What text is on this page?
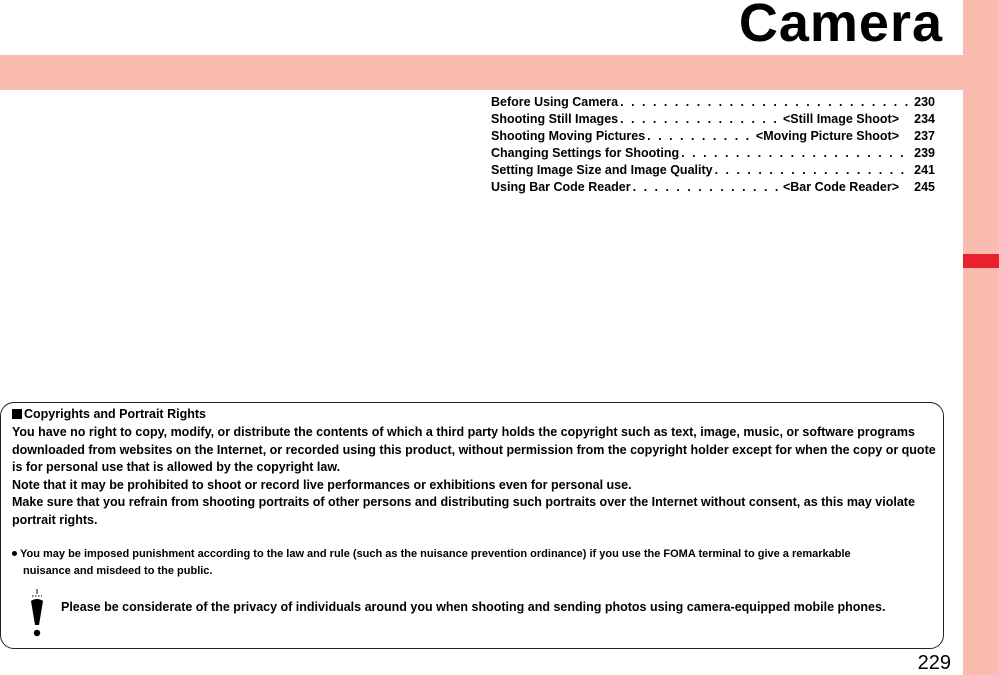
Camera
Before Using Camera . . .	230
Shooting Still Images . . .	<Still Image Shoot> 234
Shooting Moving Pictures . . .	<Moving Picture Shoot> 237
Changing Settings for Shooting . . .	239
Setting Image Size and Image Quality . . .	241
Using Bar Code Reader . . .	<Bar Code Reader> 245
Copyrights and Portrait Rights

You have no right to copy, modify, or distribute the contents of which a third party holds the copyright such as text, image, music, or software programs downloaded from websites on the Internet, or recorded using this product, without permission from the copyright holder except for when the copy or quote is for personal use that is allowed by the copyright law.

Note that it may be prohibited to shoot or record live performances or exhibitions even for personal use.

Make sure that you refrain from shooting portraits of other persons and distributing such portraits over the Internet without consent, as this may violate portrait rights.

You may be imposed punishment according to the law and rule (such as the nuisance prevention ordinance) if you use the FOMA terminal to give a remarkable
nuisance and misdeed to the public.
Please be considerate of the privacy of individuals around you when shooting and sending photos using camera-equipped mobile phones.
229
